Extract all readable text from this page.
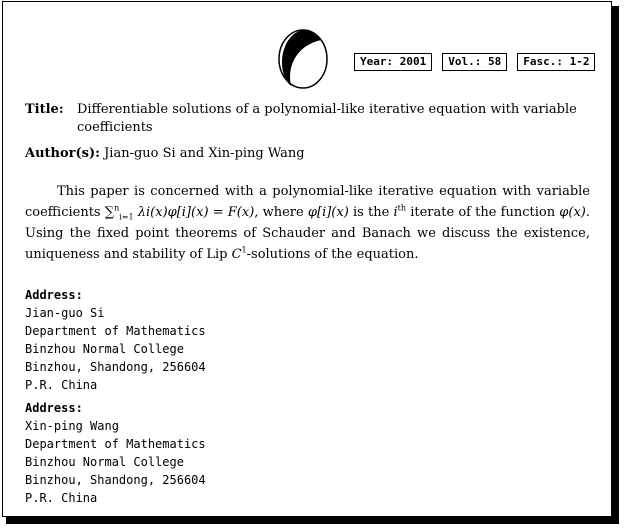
Year: 2001	Vol.: 58	Fasc.: 1-2
Title:	Differentiable solutions of a polynomial-like iterative equation with variable coefficients
Author(s): Jian-guo Si and Xin-ping Wang

This paper is concerned with a polynomial-like iterative equation with variable coefficients ∑$^n_{i=1}$ λi(x)φ[i](x) = F(x), where φ[i](x) is the $i^{th}$ iterate of the function φ(x). Using the fixed point theorems of Schauder and Banach we discuss the existence, uniqueness and stability of Lip $C^1$-solutions of the equation.

Address:
Jian-guo Si
Department of Mathematics
Binzhou Normal College
Binzhou, Shandong, 256604
P.R. China
Address:
Xin-ping Wang
Department of Mathematics
Binzhou Normal College
Binzhou, Shandong, 256604
P.R. China
